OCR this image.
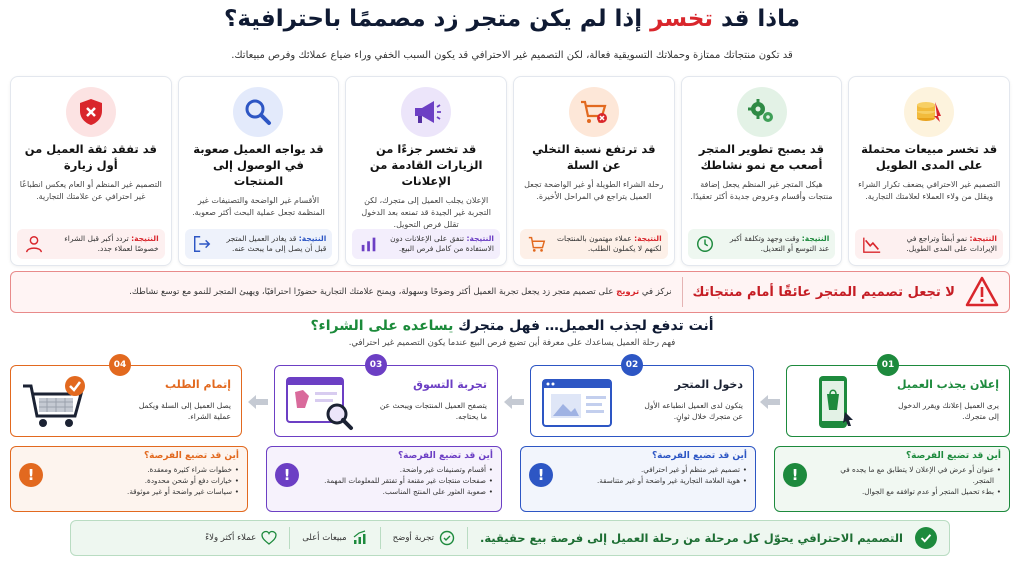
ماذا قد تخسر إذا لم يكن متجر زد مصممًا باحترافية؟
قد تكون منتجاتك ممتازة وحملاتك التسويقية فعالة، لكن التصميم غير الاحترافي قد يكون السبب الخفي وراء ضياع عملائك وفرص مبيعاتك.
قد تخسر مبيعات محتملة على المدى الطويل

التصميم غير الاحترافي يضعف تكرار الشراء ويقلل من ولاء العملاء لعلامتك التجارية.

النتيجة: نمو أبطأ وتراجع في الإيرادات على المدى الطويل.
قد يصبح تطوير المتجر أصعب مع نمو نشاطك

هيكل المتجر غير المنظم يجعل إضافة منتجات وأقسام وعروض جديدة أكثر تعقيدًا.

النتيجة: وقت وجهد وتكلفة أكبر عند التوسع أو التعديل.
قد ترتفع نسبة التخلي عن السلة

رحلة الشراء الطويلة أو غير الواضحة تجعل العميل يتراجع في المراحل الأخيرة.

النتيجة: عملاء مهتمون بالمنتجات لكنهم لا يكملون الطلب.
قد تخسر جزءًا من الزيارات القادمة من الإعلانات

الإعلان يجلب العميل إلى متجرك، لكن التجربة غير الجيدة قد تمنعه بعد الدخول تقلل فرص التحويل.

النتيجة: تنفق على الإعلانات دون الاستفادة من كامل فرص البيع.
قد يواجه العميل صعوبة في الوصول إلى المنتجات

الأقسام غير الواضحة والتصنيفات غير المنظمة تجعل عملية البحث أكثر صعوبة.

النتيجة: قد يغادر العميل المتجر قبل أن يصل إلى ما يبحث عنه.
قد تفقد ثقة العميل من أول زيارة

التصميم غير المنظم أو العام يعكس انطباعًا غير احترافي عن علامتك التجارية.

النتيجة: تردد أكبر قبل الشراء خصوصًا لعملاء جدد.
لا تجعل تصميم المتجر عائقًا أمام منتجاتك
نركز في ترويج على تصميم متجر زد يجعل تجربة العميل أكثر وضوحًا وسهولة، ويمنح علامتك التجارية حضورًا احترافيًا، ويهيئ المتجر للنمو مع توسع نشاطك.
أنت تدفع لجذب العميل… فهل متجرك يساعده على الشراء؟
فهم رحلة العميل يساعدك على معرفة أين تضيع فرص البيع عندما يكون التصميم غير احترافي.
01
إعلان يجذب العميل
يرى العميل إعلانك ويقرر الدخول إلى متجرك.
02
دخول المتجر
يتكون لدى العميل انطباعه الأول عن متجرك خلال ثوانٍ.
03
تجربة التسوق
يتصفح العميل المنتجات ويبحث عن ما يحتاجه.
04
إتمام الطلب
يصل العميل إلى السلة ويكمل عملية الشراء.
أين قد تضيع الفرصة؟
• عنوان أو عرض في الإعلان لا يتطابق مع ما يجده في المتجر.
• بطء تحميل المتجر أو عدم توافقه مع الجوال.
!
أين قد تضيع الفرصة؟
• تصميم غير منظم أو غير احترافي.
• هوية العلامة التجارية غير واضحة أو غير متناسقة.
!
أين قد تضيع الفرصة؟
• أقسام وتصنيفات غير واضحة.
• صفحات منتجات غير مقنعة أو تفتقر للمعلومات المهمة.
• صعوبة العثور على المنتج المناسب.
!
أين قد تضيع الفرصة؟
• خطوات شراء كثيرة ومعقدة.
• خيارات دفع أو شحن محدودة.
• سياسات غير واضحة أو غير موثوقة.
!
التصميم الاحترافي يحوّل كل مرحلة من رحلة العميل إلى فرصة بيع حقيقية.
تجربة أوضح
مبيعات أعلى
عملاء أكثر ولاءً
